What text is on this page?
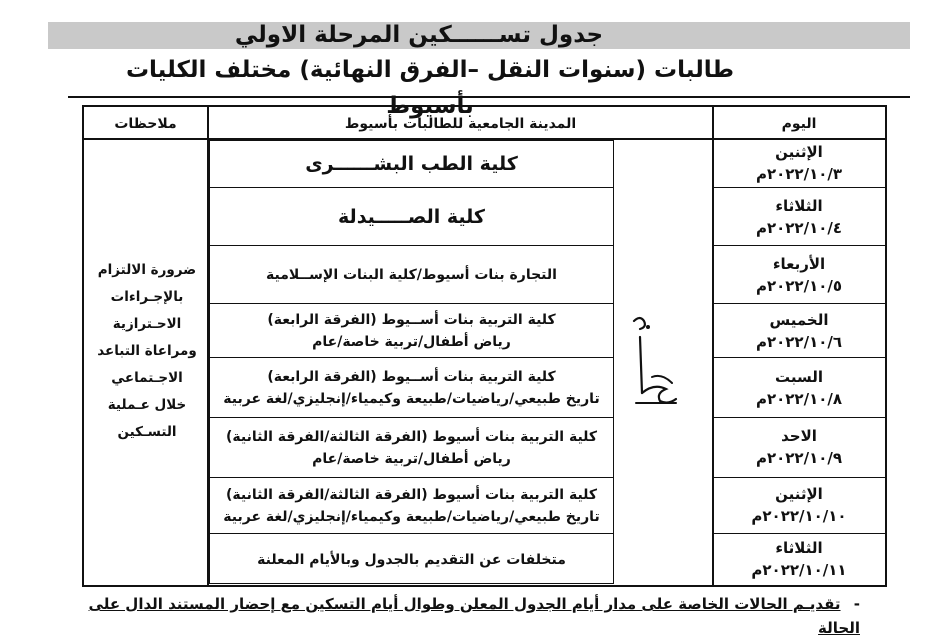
جدول تســــــكين المرحلة الاولي
طالبات (سنوات النقل –الفرق النهائية) مختلف الكليات بأسيوط
اليوم
المدينة الجامعية للطالبات بأسيوط
ملاحظات
الإثنين
٢٠٢٢/١٠/٣م
الثلاثاء
٢٠٢٢/١٠/٤م
الأربعاء
٢٠٢٢/١٠/٥م
الخميس
٢٠٢٢/١٠/٦م
السبت
٢٠٢٢/١٠/٨م
الاحد
٢٠٢٢/١٠/٩م
الإثنين
٢٠٢٢/١٠/١٠م
الثلاثاء
٢٠٢٢/١٠/١١م
كلية الطب البشــــــرى
كلية الصـــــيدلة
التجارة بنات أسيوط/كلية البنات الإســلامية
كلية التربية بنات أســيوط (الفرقة الرابعة)
رياض أطفال/تربية خاصة/عام
كلية التربية بنات أســيوط (الفرقة الرابعة)
تاريخ طبيعي/رياضيات/طبيعة وكيمياء/إنجليزي/لغة عربية
كلية التربية بنات أسيوط (الفرقة الثالثة/الفرقة الثانية)
رياض أطفال/تربية خاصة/عام
كلية التربية بنات أسيوط (الفرقة الثالثة/الفرقة الثانية)
تاريخ طبيعي/رياضيات/طبيعة وكيمياء/إنجليزي/لغة عربية
متخلفات عن التقديم بالجدول وبالأيام المعلنة
ضرورة الالتزام
بالإجـراءات
الاحـترازية
ومراعاة التباعد
الاجـتماعي
خلال عـملية
التسـكين
- تقديـم الحالات الخاصة على مدار أيام الجدول المعلن وطوال أيام التسكين مع إحضار المستند الدال على الحالة
